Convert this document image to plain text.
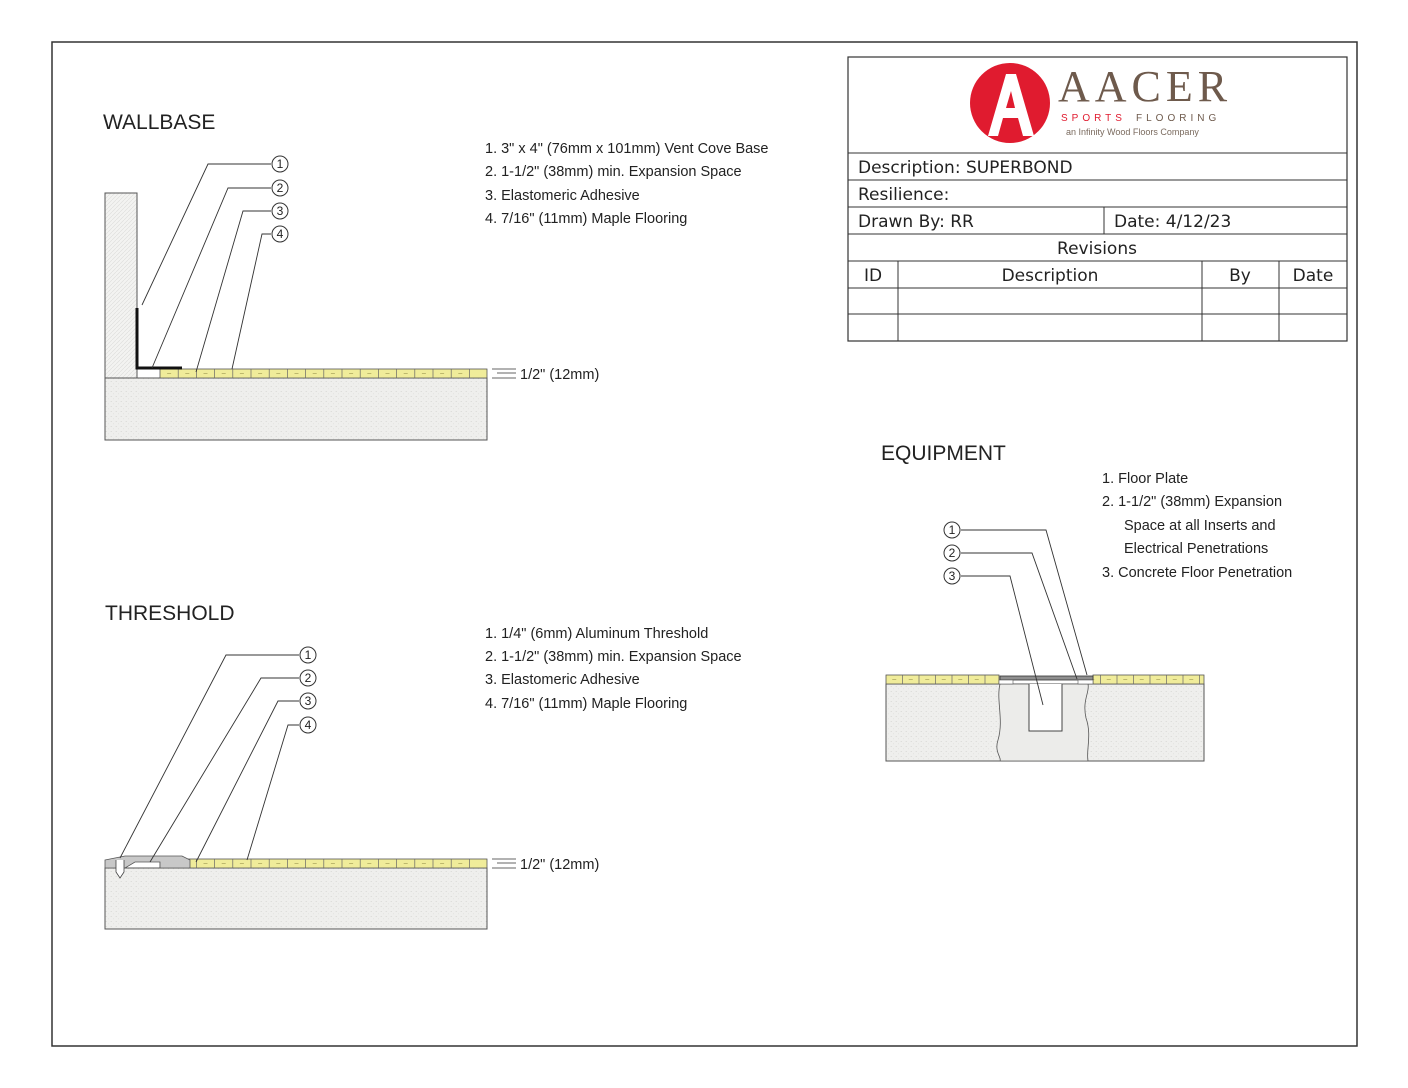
WALLBASE
1
2
3
4
1/2" (12mm)
1. 3" x 4" (76mm x 101mm) Vent Cove Base
2. 1-1/2" (38mm) min. Expansion Space
3. Elastomeric Adhesive
4. 7/16" (11mm) Maple Flooring
THRESHOLD
1
2
3
4
1/2" (12mm)
1. 1/4" (6mm) Aluminum Threshold
2. 1-1/2" (38mm) min. Expansion Space
3. Elastomeric Adhesive
4. 7/16" (11mm) Maple Flooring
EQUIPMENT
1
2
3
1. Floor Plate
2. 1-1/2" (38mm) Expansion
Space at all Inserts and
Electrical Penetrations
3. Concrete Floor Penetration
AACER
SPORTS FLOORING
an Infinity Wood Floors Company
Description: SUPERBOND
Resilience:
Drawn By: RR	Date: 4/12/23
Revisions
ID	Description	By Date
